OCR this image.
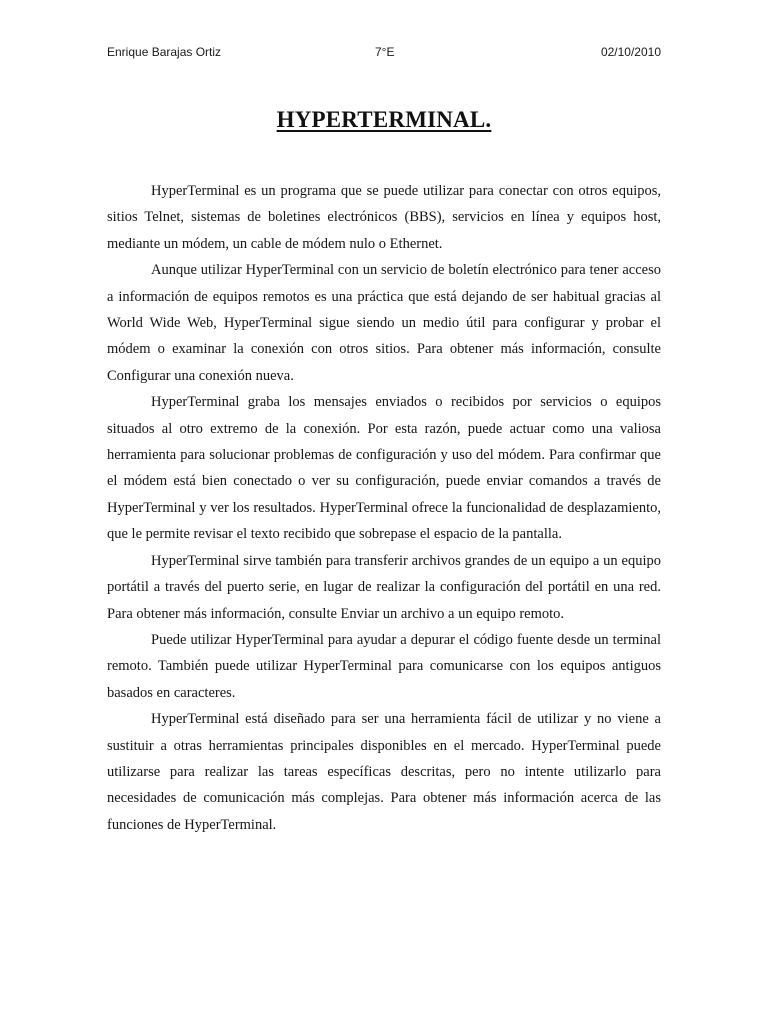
Enrique Barajas Ortiz	7°E	02/10/2010
HYPERTERMINAL.

HyperTerminal es un programa que se puede utilizar para conectar con otros equipos, sitios Telnet, sistemas de boletines electrónicos (BBS), servicios en línea y equipos host, mediante un módem, un cable de módem nulo o Ethernet.

Aunque utilizar HyperTerminal con un servicio de boletín electrónico para tener acceso a información de equipos remotos es una práctica que está dejando de ser habitual gracias al World Wide Web, HyperTerminal sigue siendo un medio útil para configurar y probar el módem o examinar la conexión con otros sitios. Para obtener más información, consulte Configurar una conexión nueva.

HyperTerminal graba los mensajes enviados o recibidos por servicios o equipos situados al otro extremo de la conexión. Por esta razón, puede actuar como una valiosa herramienta para solucionar problemas de configuración y uso del módem. Para confirmar que el módem está bien conectado o ver su configuración, puede enviar comandos a través de HyperTerminal y ver los resultados. HyperTerminal ofrece la funcionalidad de desplazamiento, que le permite revisar el texto recibido que sobrepase el espacio de la pantalla.

HyperTerminal sirve también para transferir archivos grandes de un equipo a un equipo portátil a través del puerto serie, en lugar de realizar la configuración del portátil en una red. Para obtener más información, consulte Enviar un archivo a un equipo remoto.

Puede utilizar HyperTerminal para ayudar a depurar el código fuente desde un terminal remoto. También puede utilizar HyperTerminal para comunicarse con los equipos antiguos basados en caracteres.

HyperTerminal está diseñado para ser una herramienta fácil de utilizar y no viene a sustituir a otras herramientas principales disponibles en el mercado. HyperTerminal puede utilizarse para realizar las tareas específicas descritas, pero no intente utilizarlo para necesidades de comunicación más complejas. Para obtener más información acerca de las funciones de HyperTerminal.
